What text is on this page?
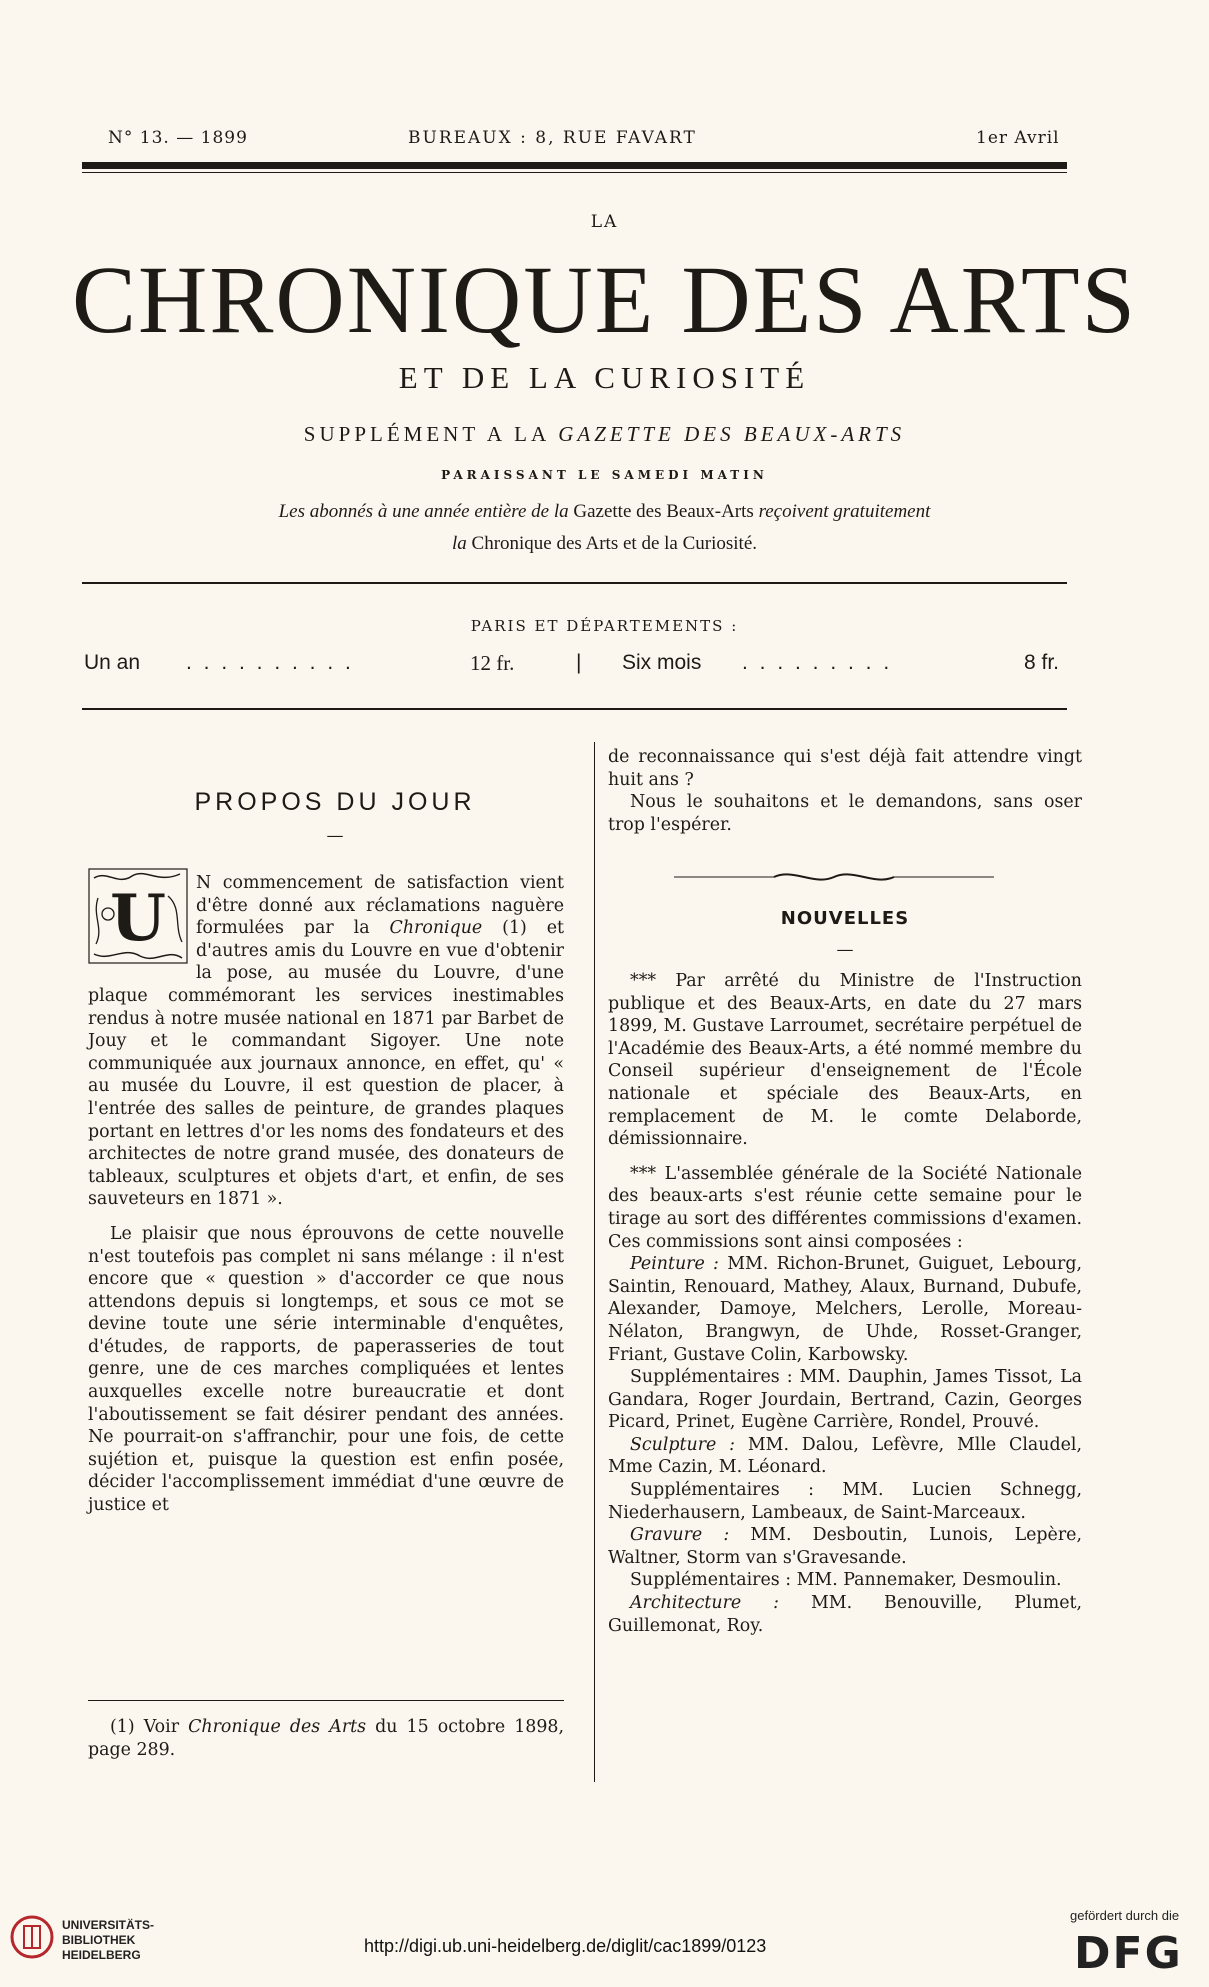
N° 13. — 1899	BUREAUX : 8, RUE FAVART	1er Avril
LA
CHRONIQUE DES ARTS
ET DE LA CURIOSITÉ
SUPPLÉMENT A LA GAZETTE DES BEAUX-ARTS
PARAISSANT LE SAMEDI MATIN
Les abonnés à une année entière de la Gazette des Beaux-Arts reçoivent gratuitement
la Chronique des Arts et de la Curiosité.
PARIS ET DÉPARTEMENTS :
Un an . . . . . . . . . .	12 fr.	| Six mois . . . . . . . . .	8 fr.
PROPOS DU JOUR
—
U	N commencement de satisfaction vient d'être donné aux réclamations naguère formulées par la Chronique (1) et d'autres amis du Louvre en vue d'obtenir la pose, au musée du Louvre, d'une plaque commémorant les services inestimables rendus à notre musée national en 1871 par Barbet de Jouy et le commandant Sigoyer. Une note communiquée aux journaux annonce, en effet, qu' « au musée du Louvre, il est question de placer, à l'entrée des salles de peinture, de grandes plaques portant en lettres d'or les noms des fondateurs et des architectes de notre grand musée, des donateurs de tableaux, sculptures et objets d'art, et enfin, de ses sauveteurs en 1871 ».

Le plaisir que nous éprouvons de cette nouvelle n'est toutefois pas complet ni sans mélange : il n'est encore que « question » d'accorder ce que nous attendons depuis si longtemps, et sous ce mot se devine toute une série interminable d'enquêtes, d'études, de rapports, de paperasseries de tout genre, une de ces marches compliquées et lentes auxquelles excelle notre bureaucratie et dont l'aboutissement se fait désirer pendant des années. Ne pourrait-on s'affranchir, pour une fois, de cette sujétion et, puisque la question est enfin posée, décider l'accomplissement immédiat d'une œuvre de justice et

(1) Voir Chronique des Arts du 15 octobre 1898, page 289.

de reconnaissance qui s'est déjà fait attendre vingt huit ans ?

Nous le souhaitons et le demandons, sans oser trop l'espérer.

NOUVELLES
—

*** Par arrêté du Ministre de l'Instruction publique et des Beaux-Arts, en date du 27 mars 1899, M. Gustave Larroumet, secrétaire perpétuel de l'Académie des Beaux-Arts, a été nommé membre du Conseil supérieur d'enseignement de l'École nationale et spéciale des Beaux-Arts, en remplacement de M. le comte Delaborde, démissionnaire.

*** L'assemblée générale de la Société Nationale des beaux-arts s'est réunie cette semaine pour le tirage au sort des différentes commissions d'examen. Ces commissions sont ainsi composées :

Peinture : MM. Richon-Brunet, Guiguet, Lebourg, Saintin, Renouard, Mathey, Alaux, Burnand, Dubufe, Alexander, Damoye, Melchers, Lerolle, Moreau-Nélaton, Brangwyn, de Uhde, Rosset-Granger, Friant, Gustave Colin, Karbowsky.

Supplémentaires : MM. Dauphin, James Tissot, La Gandara, Roger Jourdain, Bertrand, Cazin, Georges Picard, Prinet, Eugène Carrière, Rondel, Prouvé.

Sculpture : MM. Dalou, Lefèvre, Mlle Claudel, Mme Cazin, M. Léonard.

Supplémentaires : MM. Lucien Schnegg, Niederhausern, Lambeaux, de Saint-Marceaux.

Gravure : MM. Desboutin, Lunois, Lepère, Waltner, Storm van s'Gravesande.

Supplémentaires : MM. Pannemaker, Desmoulin.

Architecture : MM. Benouville, Plumet, Guillemonat, Roy.

UNIVERSITÄTS-
BIBLIOTHEK
HEIDELBERG	http://digi.ub.uni-heidelberg.de/diglit/cac1899/0123
gefördert durch die
DFG
